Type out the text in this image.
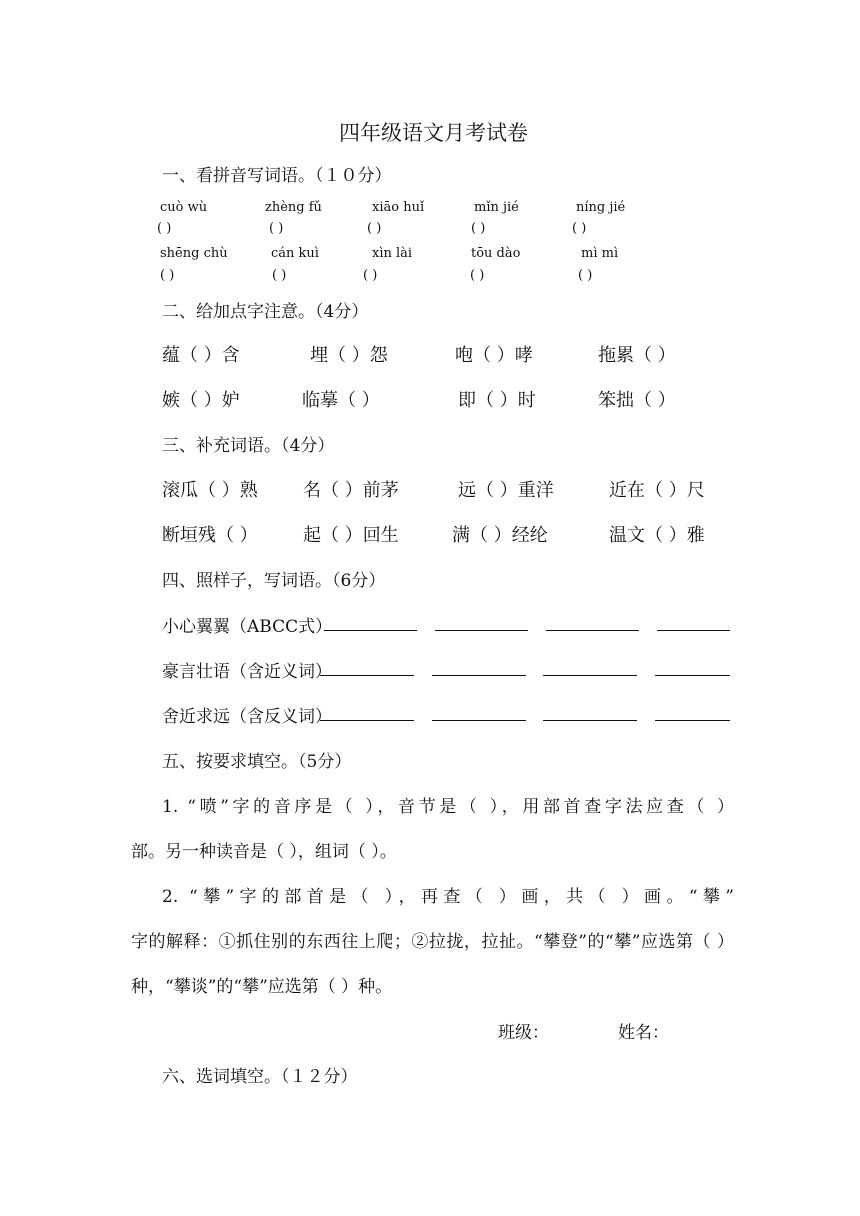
四年级语文月考试卷
一、看拼音写词语。（１０分）
cuò wù	zhèng fǔ	xiāo huǐ	mǐn jié	níng jié
( )	( )	( )	( )	( )
shēng chù	cán kuì	xìn lài	tōu dào	mì mì
( )	( )	( )	( )	( )
二、给加点字注意。（4分）
蕴（ ）含	埋（ ）怨	咆（ ）哮	拖累（ ）
嫉（ ）妒	临摹（ ）	即（ ）时	笨拙（ ）
三、补充词语。（4分）
滚瓜（ ）熟	名（ ）前茅	远（ ）重洋	近在（ ）尺
断垣残（ ）	起（ ）回生	满（ ）经纶	温文（ ）雅
四、照样子，写词语。（6分）
小心翼翼（ABCC式）
豪言壮语（含近义词）
舍近求远（含反义词）
五、按要求填空。（5分）
1. “喷”字的音序是（ ），音节是（ ），用部首查字法应查（ ）
部。另一种读音是（ ），组词（ ）。
2. “攀”字的部首是（ ），再查（ ）画，共（ ）画。“攀”
字的解释：①抓住别的东西往上爬；②拉拢，拉扯。“攀登”的“攀”应选第（ ）
种，“攀谈”的“攀”应选第（ ）种。
班级：	姓名：
六、选词填空。（１２分）
